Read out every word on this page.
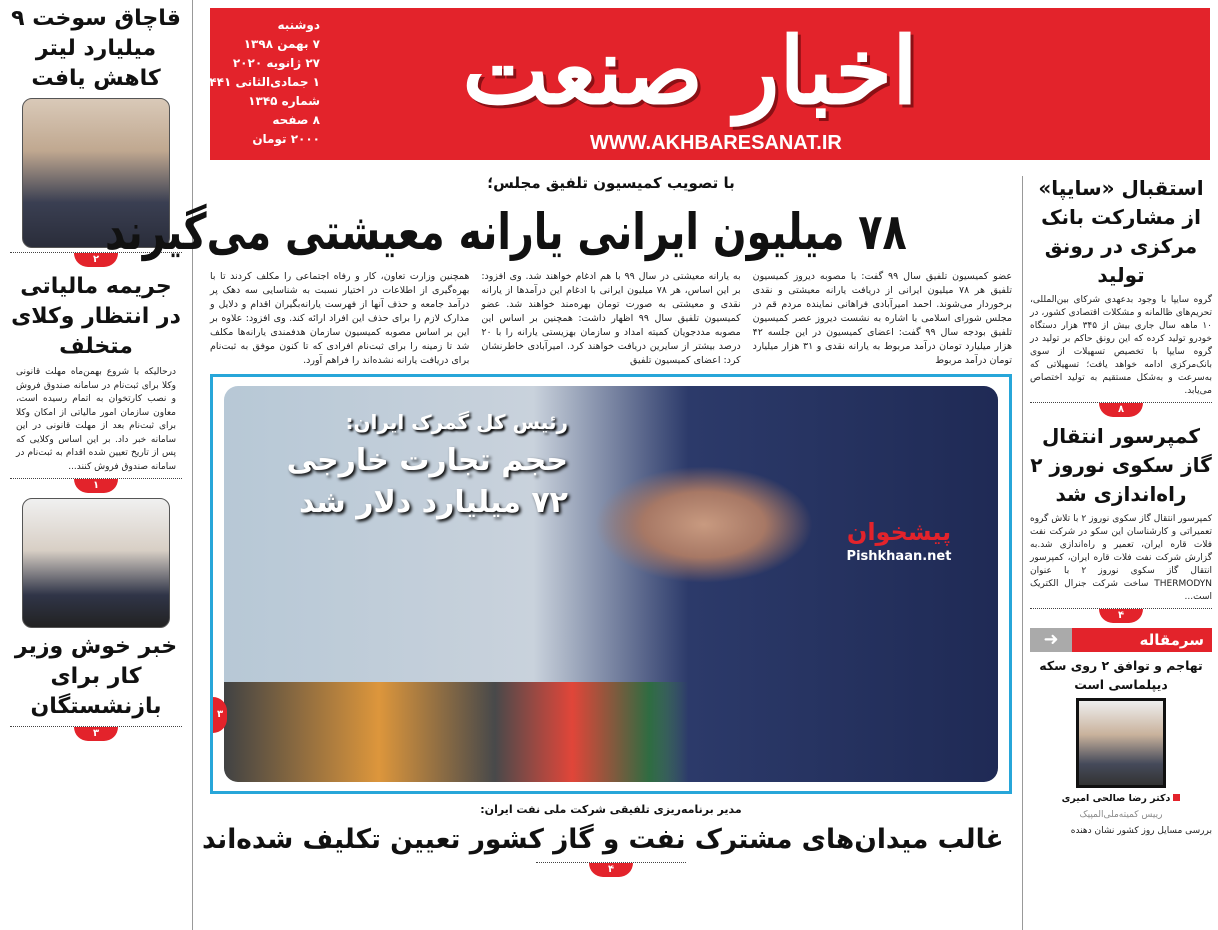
اخبار صنعت
WWW.AKHBARESANAT.IR
دوشنبه
۷ بهمن ۱۳۹۸
۲۷ ژانویه ۲۰۲۰
۱ جمادی‌الثانی ۱۴۴۱
شماره ۱۳۴۵
۸ صفحه
۲۰۰۰ تومان
قاچاق سوخت ۹ میلیارد لیتر کاهش یافت
۲
جریمه مالیاتی در انتظار وکلای متخلف
درحالیکه با شروع بهمن‌ماه مهلت قانونی وکلا برای ثبت‌نام در سامانه صندوق فروش و نصب کارتخوان به اتمام رسیده است، معاون سازمان امور مالیاتی از امکان وکلا برای ثبت‌نام بعد از مهلت قانونی در این سامانه خبر داد. بر این اساس وکلایی که پس از تاریخ تعیین شده اقدام به ثبت‌نام در سامانه صندوق فروش کنند...
۱
خبر خوش وزیر کار برای بازنشستگان
۳
با تصویب کمیسیون تلفیق مجلس؛
۷۸ میلیون ایرانی یارانه معیشتی می‌گیرند
عضو کمیسیون تلفیق سال ۹۹ گفت: با مصوبه دیروز کمیسیون تلفیق هر ۷۸ میلیون ایرانی از دریافت یارانه معیشتی و نقدی برخوردار می‌شوند. احمد امیرآبادی فراهانی نماینده مردم قم در مجلس شورای اسلامی با اشاره به نشست دیروز عصر کمیسیون تلفیق بودجه سال ۹۹ گفت: اعضای کمیسیون در این جلسه ۴۲ هزار میلیارد تومان درآمد مربوط به یارانه نقدی و ۳۱ هزار میلیارد تومان درآمد مربوط
به یارانه معیشتی در سال ۹۹ با هم ادغام خواهند شد. وی افزود: بر این اساس، هر ۷۸ میلیون ایرانی با ادغام این درآمدها از یارانه نقدی و معیشتی به صورت تومان بهره‌مند خواهند شد. عضو کمیسیون تلفیق سال ۹۹ اظهار داشت: همچنین بر اساس این مصوبه مددجویان کمیته امداد و سازمان بهزیستی یارانه را با ۲۰ درصد بیشتر از سایرین دریافت خواهند کرد. امیرآبادی خاطرنشان کرد: اعضای کمیسیون تلفیق
همچنین وزارت تعاون، کار و رفاه اجتماعی را مکلف کردند تا با بهره‌گیری از اطلاعات در اختیار نسبت به شناسایی سه دهک پر درآمد جامعه و حذف آنها از فهرست یارانه‌بگیران اقدام و دلایل و مدارک لازم را برای حذف این افراد ارائه کند. وی افزود: علاوه بر این بر اساس مصوبه کمیسیون سازمان هدفمندی یارانه‌ها مکلف شد تا زمینه را برای ثبت‌نام افرادی که تا کنون موفق به ثبت‌نام برای دریافت یارانه نشده‌اند را فراهم آورد.
رئیس کل گمرک ایران:
حجم تجارت خارجی
۷۲ میلیارد دلار شد
پیشخوان
Pishkhaan.net
۳
مدیر برنامه‌ریزی تلفیقی شرکت ملی نفت ایران:
غالب میدان‌های مشترک نفت و گاز کشور تعیین تکلیف شده‌اند
۴
استقبال «سایپا» از مشارکت بانک مرکزی در رونق تولید
گروه سایپا با وجود بدعهدی شرکای بین‌المللی، تحریم‌های ظالمانه و مشکلات اقتصادی کشور، در ۱۰ ماهه سال جاری بیش از ۳۴۵ هزار دستگاه خودرو تولید کرده که این رونق حاکم بر تولید در گروه سایپا با تخصیص تسهیلات از سوی بانک‌مرکزی ادامه خواهد یافت؛ تسهیلاتی که به‌سرعت و به‌شکل مستقیم به تولید اختصاص می‌یابد.
۸
کمپرسور انتقال گاز سکوی نوروز ۲ راه‌اندازی شد
کمپرسور انتقال گاز سکوی نوروز ۲ با تلاش گروه تعمیراتی و کارشناسان این سکو در شرکت نفت فلات قاره ایران، تعمیر و راه‌اندازی شد.به گزارش شرکت نفت فلات قاره ایران، کمپرسور انتقال گاز سکوی نوروز ۲ با عنوان THERMODYN ساخت شرکت جنرال الکتریک است...
۴
➜	سرمقاله
تهاجم و توافق ۲ روی سکه دیپلماسی است
دکتر رضا صالحی امیری
رییس کمیته‌ملی‌المپیک
بررسی مسایل روز کشور نشان دهنده
